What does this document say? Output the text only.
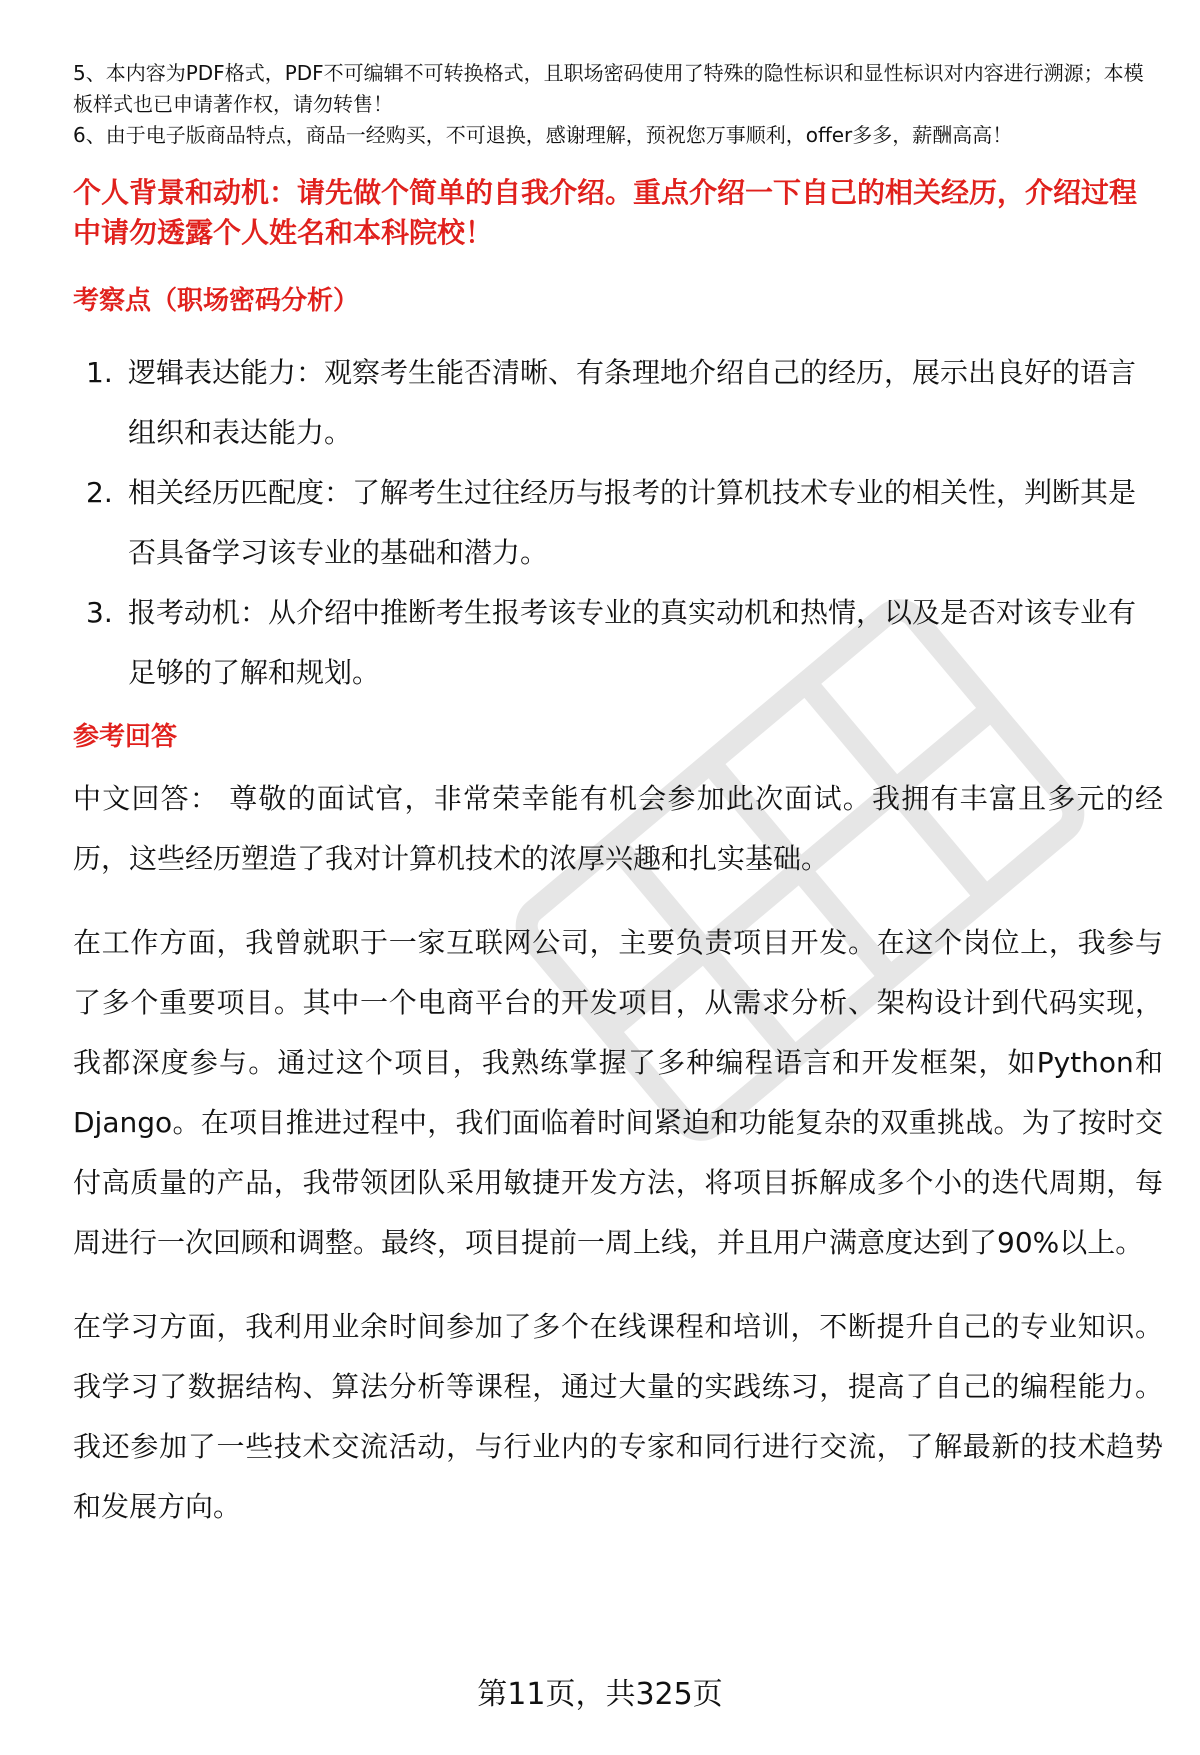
5、本内容为PDF格式，PDF不可编辑不可转换格式，且职场密码使用了特殊的隐性标识和显性标识对内容进行溯源；本模板样式也已申请著作权，请勿转售！

6、由于电子版商品特点，商品一经购买，不可退换，感谢理解，预祝您万事顺利，offer多多，薪酬高高！

个人背景和动机：请先做个简单的自我介绍。重点介绍一下自己的相关经历，介绍过程中请勿透露个人姓名和本科院校！
考察点（职场密码分析）
1. 逻辑表达能力：观察考生能否清晰、有条理地介绍自己的经历，展示出良好的语言组织和表达能力。
2. 相关经历匹配度：了解考生过往经历与报考的计算机技术专业的相关性，判断其是否具备学习该专业的基础和潜力。
3. 报考动机：从介绍中推断考生报考该专业的真实动机和热情，以及是否对该专业有足够的了解和规划。
参考回答
中文回答： 尊敬的面试官，非常荣幸能有机会参加此次面试。我拥有丰富且多元的经历，这些经历塑造了我对计算机技术的浓厚兴趣和扎实基础。
在工作方面，我曾就职于一家互联网公司，主要负责项目开发。在这个岗位上，我参与了多个重要项目。其中一个电商平台的开发项目，从需求分析、架构设计到代码实现，我都深度参与。通过这个项目，我熟练掌握了多种编程语言和开发框架，如Python和Django。在项目推进过程中，我们面临着时间紧迫和功能复杂的双重挑战。为了按时交付高质量的产品，我带领团队采用敏捷开发方法，将项目拆解成多个小的迭代周期，每周进行一次回顾和调整。最终，项目提前一周上线，并且用户满意度达到了90%以上。
在学习方面，我利用业余时间参加了多个在线课程和培训，不断提升自己的专业知识。我学习了数据结构、算法分析等课程，通过大量的实践练习，提高了自己的编程能力。我还参加了一些技术交流活动，与行业内的专家和同行进行交流，了解最新的技术趋势和发展方向。
第11页，共325页
